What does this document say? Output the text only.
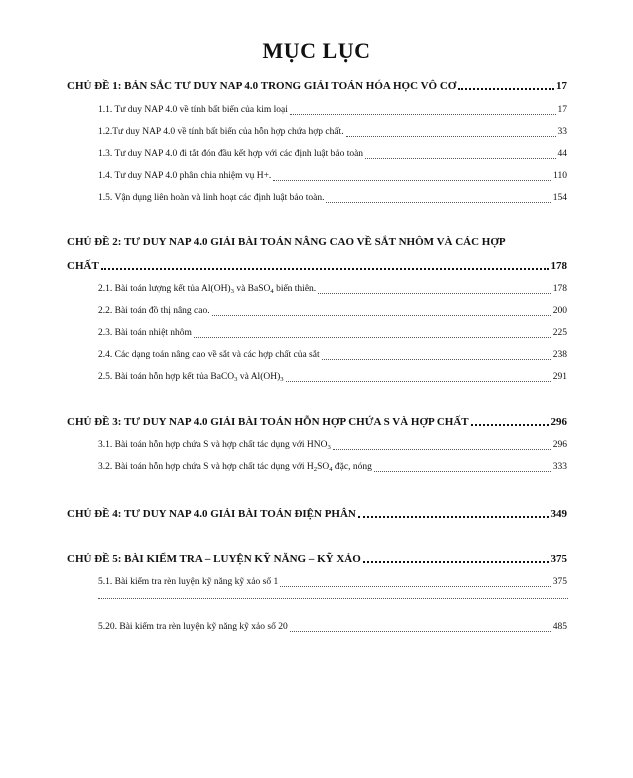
MỤC LỤC
CHỦ ĐỀ 1: BẢN SẮC TƯ DUY NAP 4.0 TRONG GIẢI TOÁN HÓA HỌC VÔ CƠ	17
1.1. Tư duy NAP 4.0 về tính bất biến của kim loại	17
1.2.Tư duy NAP 4.0 về tính bất biến của hỗn hợp chứa hợp chất.	33
1.3. Tư duy NAP 4.0 đi tắt đón đầu kết hợp với các định luật bảo toàn	44
1.4. Tư duy NAP 4.0 phân chia nhiệm vụ H+.	110
1.5. Vận dụng liên hoàn và linh hoạt các định luật bảo toàn.	154
CHỦ ĐỀ 2: TƯ DUY NAP 4.0 GIẢI BÀI TOÁN NÂNG CAO VỀ SẮT NHÔM VÀ CÁC HỢP
CHẤT	178
2.1. Bài toán lượng kết tủa $Al(OH)_3$ và BaSO$_4$ biến thiên.	178
2.2. Bài toán đồ thị nâng cao.	200
2.3. Bài toán nhiệt nhôm	225
2.4. Các dạng toán nâng cao về sắt và các hợp chất của sắt	238
2.5. Bài toán hỗn hợp kết tủa BaCO$_3$ và $Al(OH)_3$	291
CHỦ ĐỀ 3: TƯ DUY NAP 4.0 GIẢI BÀI TOÁN HỖN HỢP CHỨA S VÀ HỢP CHẤT	296
3.1. Bài toán hỗn hợp chứa S và hợp chất tác dụng với $HNO_3$	296
3.2. Bài toán hỗn hợp chứa S và hợp chất tác dụng với $H_2SO_4$ đặc, nóng	333
CHỦ ĐỀ 4: TƯ DUY NAP 4.0 GIẢI BÀI TOÁN ĐIỆN PHÂN	349
CHỦ ĐỀ 5: BÀI KIỂM TRA – LUYỆN KỸ NĂNG – KỸ XẢO	375
5.1. Bài kiểm tra rèn luyện kỹ năng kỹ xảo số 1	375
5.20. Bài kiểm tra rèn luyện kỹ năng kỹ xảo số 20	485
